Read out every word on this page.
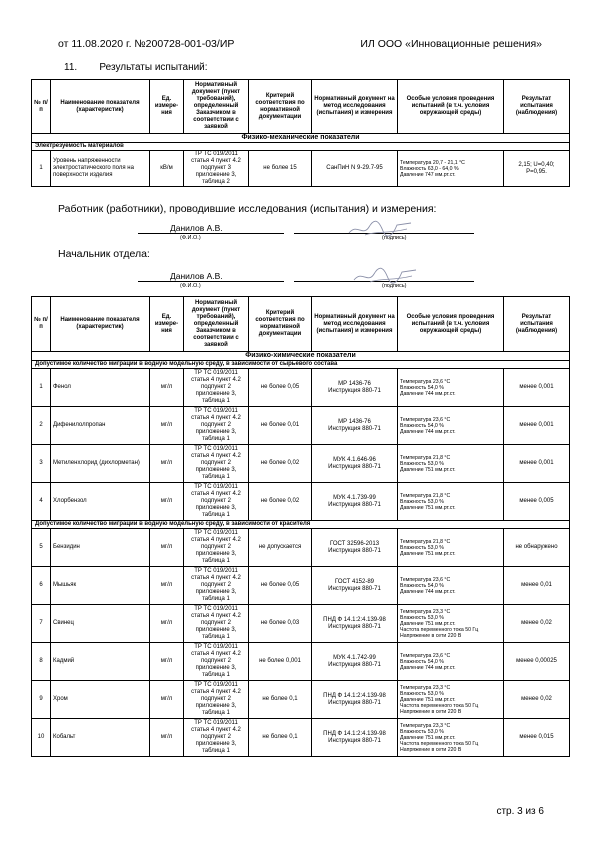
от 11.08.2020 г. №200728-001-03/ИР	ИЛ ООО «Инновационные решения»
11. Результаты испытаний:
№ п/п	Наименование показателя (характеристик)	Ед. измере-ния	Нормативный документ (пункт требований), определенный Заказчиком в соответствии с заявкой	Критерий соответствия по нормативной документации	Нормативный документ на метод исследования (испытания) и измерения	Особые условия проведения испытаний (в т.ч. условия окружающей среды)	Результат испытания (наблюдения)
Физико-механические показатели							
Электрезуемость материалов							
1	Уровень напряженности электростатического поля на поверхности изделия	кВ/м	ТР ТС 019/2011 статья 4 пункт 4.2 подпункт 3 приложение 3, таблица 2	не более 15	СанПиН N 9-29.7-95	Температура 20,7 - 21,1 °С
Влажность 63,0 - 64,0 %
Давление 747 мм.рт.ст.	2,15; U=0,40;
P=0,95.
Работник (работники), проводившие исследования (испытания) и измерения:
Данилов А.В.
(Ф.И.О.)	(подпись)
Начальник отдела:
Данилов А.В.
(Ф.И.О.)	(подпись)
№ п/п	Наименование показателя (характеристик)	Ед. измере-ния	Нормативный документ (пункт требований), определенный Заказчиком в соответствии с заявкой	Критерий соответствия по нормативной документации	Нормативный документ на метод исследования (испытания) и измерения	Особые условия проведения испытаний (в т.ч. условия окружающей среды)	Результат испытания (наблюдения)
Физико-химические показатели							
Допустимое количество миграции в водную модельную среду, в зависимости от сырьевого состава							
1	Фенол	мг/л	ТР ТС 019/2011 статья 4 пункт 4.2 подпункт 2 приложение 3, таблица 1	не более 0,05	МР 1436-76
Инструкция 880-71	Температура 23,6 °С
Влажность 54,0 %
Давление 744 мм.рт.ст.	менее 0,001
2	Дифенилолпропан	мг/л	ТР ТС 019/2011 статья 4 пункт 4.2 подпункт 2 приложение 3, таблица 1	не более 0,01	МР 1436-76
Инструкция 880-71	Температура 23,6 °С
Влажность 54,0 %
Давление 744 мм.рт.ст.	менее 0,001
3	Метиленхлорид (дихлорметан)	мг/л	ТР ТС 019/2011 статья 4 пункт 4.2 подпункт 2 приложение 3, таблица 1	не более 0,02	МУК 4.1.646-96
Инструкция 880-71	Температура 21,8 °С
Влажность 53,0 %
Давление 751 мм.рт.ст.	менее 0,001
4	Хлорбензол	мг/л	ТР ТС 019/2011 статья 4 пункт 4.2 подпункт 2 приложение 3, таблица 1	не более 0,02	МУК 4.1.739-99
Инструкция 880-71	Температура 21,8 °С
Влажность 53,0 %
Давление 751 мм.рт.ст.	менее 0,005
Допустимое количество миграции в водную модельную среду, в зависимости от красителя							
5	Бензидин	мг/л	ТР ТС 019/2011 статья 4 пункт 4.2 подпункт 2 приложение 3, таблица 1	не допускается	ГОСТ 32596-2013
Инструкция 880-71	Температура 21,8 °С
Влажность 53,0 %
Давление 751 мм.рт.ст.	не обнаружено
6	Мышьяк	мг/л	ТР ТС 019/2011 статья 4 пункт 4.2 подпункт 2 приложение 3, таблица 1	не более 0,05	ГОСТ 4152-89
Инструкция 880-71	Температура 23,6 °С
Влажность 54,0 %
Давление 744 мм.рт.ст.	менее 0,01
7	Свинец	мг/л	ТР ТС 019/2011 статья 4 пункт 4.2 подпункт 2 приложение 3, таблица 1	не более 0,03	ПНД Ф 14.1:2:4.139-98
Инструкция 880-71	Температура 23,3 °С
Влажность 53,0 %
Давление 751 мм.рт.ст.
Частота переменного тока 50 Гц
Напряжение в сети 220 В	менее 0,02
8	Кадмий	мг/л	ТР ТС 019/2011 статья 4 пункт 4.2 подпункт 2 приложение 3, таблица 1	не более 0,001	МУК 4.1.742-99
Инструкция 880-71	Температура 23,6 °С
Влажность 54,0 %
Давление 744 мм.рт.ст.	менее 0,00025
9	Хром	мг/л	ТР ТС 019/2011 статья 4 пункт 4.2 подпункт 2 приложение 3, таблица 1	не более 0,1	ПНД Ф 14.1:2:4.139-98
Инструкция 880-71	Температура 23,3 °С
Влажность 53,0 %
Давление 751 мм.рт.ст.
Частота переменного тока 50 Гц
Напряжение в сети 220 В	менее 0,02
10	Кобальт	мг/л	ТР ТС 019/2011 статья 4 пункт 4.2 подпункт 2 приложение 3, таблица 1	не более 0,1	ПНД Ф 14.1:2:4.139-98
Инструкция 880-71	Температура 23,3 °С
Влажность 53,0 %
Давление 751 мм.рт.ст.
Частота переменного тока 50 Гц
Напряжение в сети 220 В	менее 0,015
стр. 3 из 6
